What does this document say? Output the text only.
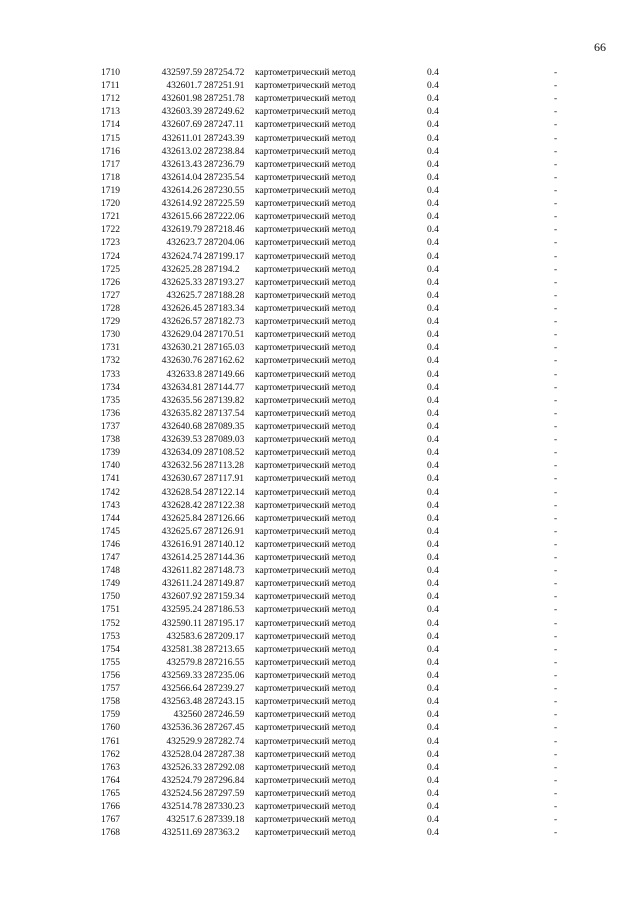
66
1710	432597.59 287254.72 картометрический метод	0.4	-
1711	432601.7 287251.91 картометрический метод	0.4	-
1712	432601.98 287251.78 картометрический метод	0.4	-
1713	432603.39 287249.62 картометрический метод	0.4	-
1714	432607.69 287247.11 картометрический метод	0.4	-
1715	432611.01 287243.39 картометрический метод	0.4	-
1716	432613.02 287238.84 картометрический метод	0.4	-
1717	432613.43 287236.79 картометрический метод	0.4	-
1718	432614.04 287235.54 картометрический метод	0.4	-
1719	432614.26 287230.55 картометрический метод	0.4	-
1720	432614.92 287225.59 картометрический метод	0.4	-
1721	432615.66 287222.06 картометрический метод	0.4	-
1722	432619.79 287218.46 картометрический метод	0.4	-
1723	432623.7 287204.06 картометрический метод	0.4	-
1724	432624.74 287199.17 картометрический метод	0.4	-
1725	432625.28 287194.2 картометрический метод	0.4	-
1726	432625.33 287193.27 картометрический метод	0.4	-
1727	432625.7 287188.28 картометрический метод	0.4	-
1728	432626.45 287183.34 картометрический метод	0.4	-
1729	432626.57 287182.73 картометрический метод	0.4	-
1730	432629.04 287170.51 картометрический метод	0.4	-
1731	432630.21 287165.03 картометрический метод	0.4	-
1732	432630.76 287162.62 картометрический метод	0.4	-
1733	432633.8 287149.66 картометрический метод	0.4	-
1734	432634.81 287144.77 картометрический метод	0.4	-
1735	432635.56 287139.82 картометрический метод	0.4	-
1736	432635.82 287137.54 картометрический метод	0.4	-
1737	432640.68 287089.35 картометрический метод	0.4	-
1738	432639.53 287089.03 картометрический метод	0.4	-
1739	432634.09 287108.52 картометрический метод	0.4	-
1740	432632.56 287113.28 картометрический метод	0.4	-
1741	432630.67 287117.91 картометрический метод	0.4	-
1742	432628.54 287122.14 картометрический метод	0.4	-
1743	432628.42 287122.38 картометрический метод	0.4	-
1744	432625.84 287126.66 картометрический метод	0.4	-
1745	432625.67 287126.91 картометрический метод	0.4	-
1746	432616.91 287140.12 картометрический метод	0.4	-
1747	432614.25 287144.36 картометрический метод	0.4	-
1748	432611.82 287148.73 картометрический метод	0.4	-
1749	432611.24 287149.87 картометрический метод	0.4	-
1750	432607.92 287159.34 картометрический метод	0.4	-
1751	432595.24 287186.53 картометрический метод	0.4	-
1752	432590.11 287195.17 картометрический метод	0.4	-
1753	432583.6 287209.17 картометрический метод	0.4	-
1754	432581.38 287213.65 картометрический метод	0.4	-
1755	432579.8 287216.55 картометрический метод	0.4	-
1756	432569.33 287235.06 картометрический метод	0.4	-
1757	432566.64 287239.27 картометрический метод	0.4	-
1758	432563.48 287243.15 картометрический метод	0.4	-
1759	432560 287246.59 картометрический метод	0.4	-
1760	432536.36 287267.45 картометрический метод	0.4	-
1761	432529.9 287282.74 картометрический метод	0.4	-
1762	432528.04 287287.38 картометрический метод	0.4	-
1763	432526.33 287292.08 картометрический метод	0.4	-
1764	432524.79 287296.84 картометрический метод	0.4	-
1765	432524.56 287297.59 картометрический метод	0.4	-
1766	432514.78 287330.23 картометрический метод	0.4	-
1767	432517.6 287339.18 картометрический метод	0.4	-
1768	432511.69 287363.2 картометрический метод	0.4	-
